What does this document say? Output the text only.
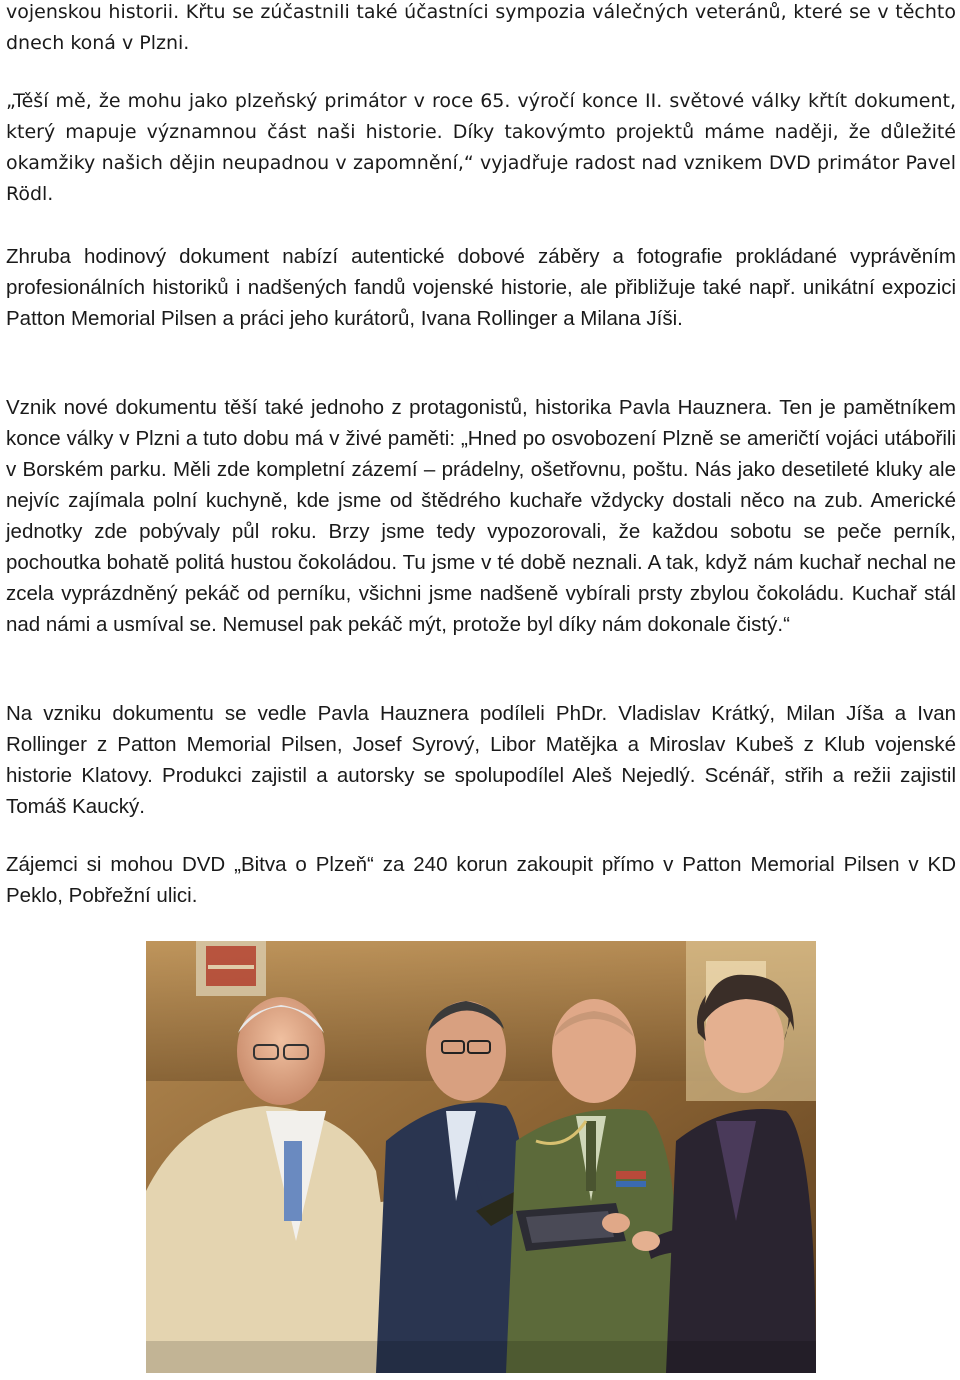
vojenskou historii. Křtu se zúčastnili také účastníci sympozia válečných veteránů, které se v těchto dnech koná v Plzni.

„Těší mě, že mohu jako plzeňský primátor v roce 65. výročí konce II. světové války křtít dokument, který mapuje významnou část naši historie. Díky takovýmto projektů máme naději, že důležité okamžiky našich dějin neupadnou v zapomnění,“ vyjadřuje radost nad vznikem DVD primátor Pavel Rödl.

Zhruba hodinový dokument nabízí autentické dobové záběry a fotografie prokládané vyprávěním profesionálních historiků i nadšených fandů vojenské historie, ale přibližuje také např. unikátní expozici Patton Memorial Pilsen a práci jeho kurátorů, Ivana Rollinger a Milana Jíši.

Vznik nové dokumentu těší také jednoho z protagonistů, historika Pavla Hauznera. Ten je pamětníkem konce války v Plzni a tuto dobu má v živé paměti: „Hned po osvobození Plzně se američtí vojáci utábořili v Borském parku. Měli zde kompletní zázemí – prádelny, ošetřovnu, poštu. Nás jako desetileté kluky ale nejvíc zajímala polní kuchyně, kde jsme od štědrého kuchaře vždycky dostali něco na zub. Americké jednotky zde pobývaly půl roku. Brzy jsme tedy vypozorovali, že každou sobotu se peče perník, pochoutka bohatě politá hustou čokoládou. Tu jsme v té době neznali. A tak, když nám kuchař nechal ne zcela vyprázdněný pekáč od perníku, všichni jsme nadšeně vybírali prsty zbylou čokoládu. Kuchař stál nad námi a usmíval se. Nemusel pak pekáč mýt, protože byl díky nám dokonale čistý.“

Na vzniku dokumentu se vedle Pavla Hauznera podíleli PhDr. Vladislav Krátký, Milan Jíša a Ivan Rollinger z Patton Memorial Pilsen, Josef Syrový, Libor Matějka a Miroslav Kubeš z Klub vojenské historie Klatovy. Produkci zajistil a autorsky se spolupodílel Aleš Nejedlý. Scénář, střih a režii zajistil Tomáš Kaucký.

Zájemci si mohou DVD „Bitva o Plzeň“ za 240 korun zakoupit přímo v Patton Memorial Pilsen v KD Peklo, Pobřežní ulici.
